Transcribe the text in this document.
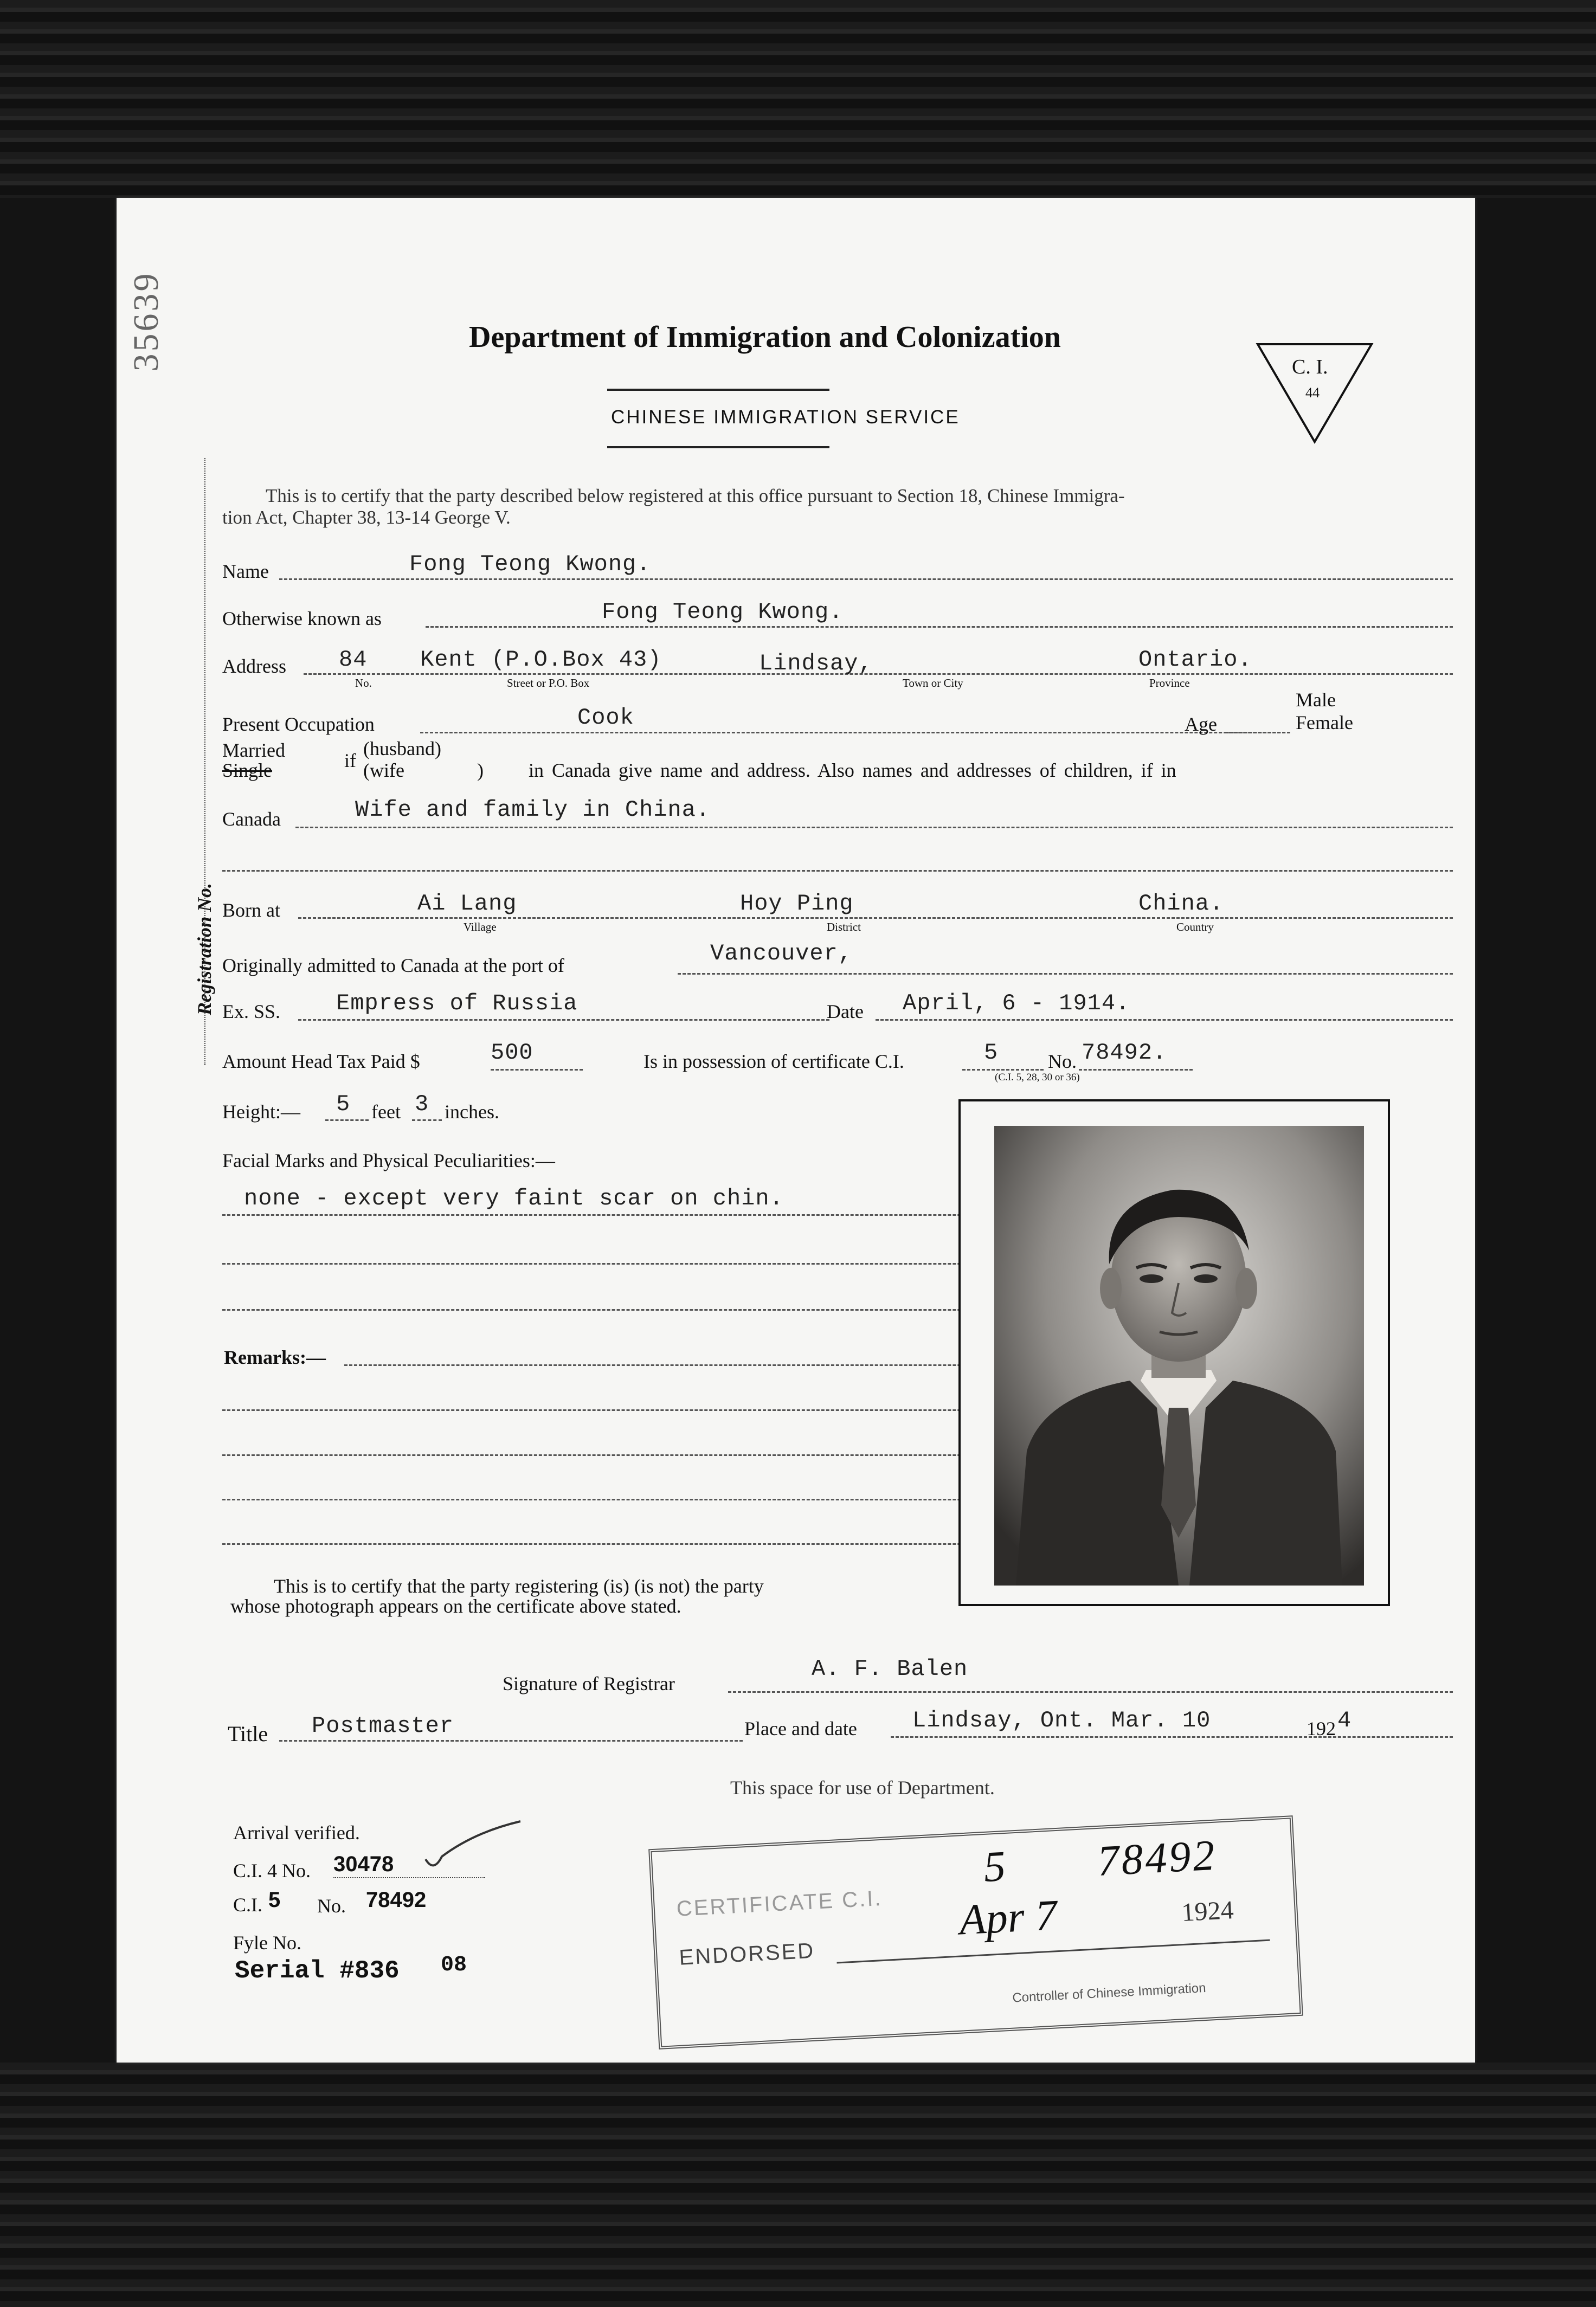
35639
Registration No.
Department of Immigration and Colonization
CHINESE IMMIGRATION SERVICE
C. I.
44
This is to certify that the party described below registered at this office pursuant to Section 18, Chinese Immigra-
tion Act, Chapter 38, 13-14 George V.
Name	Fong Teong Kwong.
Otherwise known as	Fong Teong Kwong.
Address 84 Kent (P.O.Box 43)	Lindsay,	Ontario.
No.	Street or P.O. Box	Town or City	Province
Present Occupation	Cook	Age
Male
Female
Married
Single	if
(husband)
(wife	) in Canada give name and address. Also names and addresses of children, if in
Canada	Wife and family in China.
Born at	Ai Lang	Hoy Ping	China.
Village	District	Country
Originally admitted to Canada at the port of	Vancouver,
Ex. SS. Empress of Russia	Date April, 6 - 1914.
Amount Head Tax Paid $	500	Is in possession of certificate C.I.	5	No. 78492.
(C.I. 5, 28, 30 or 36)
Height:— 5 feet 3 inches.
Facial Marks and Physical Peculiarities:—
none - except very faint scar on chin.
Remarks:—
This is to certify that the party registering (is) (is not) the party
whose photograph appears on the certificate above stated.
Signature of Registrar
A. F. Balen
Title Postmaster	Place and date Lindsay, Ont. Mar. 10	192 4
This space for use of Department.
Arrival verified.
C.I. 4 No. 30478
C.I. 5 No. 78492
Fyle No.
Serial #836 08
CERTIFICATE C.I.
ENDORSED
Controller of Chinese Immigration
5 78492
Apr 7	1924
